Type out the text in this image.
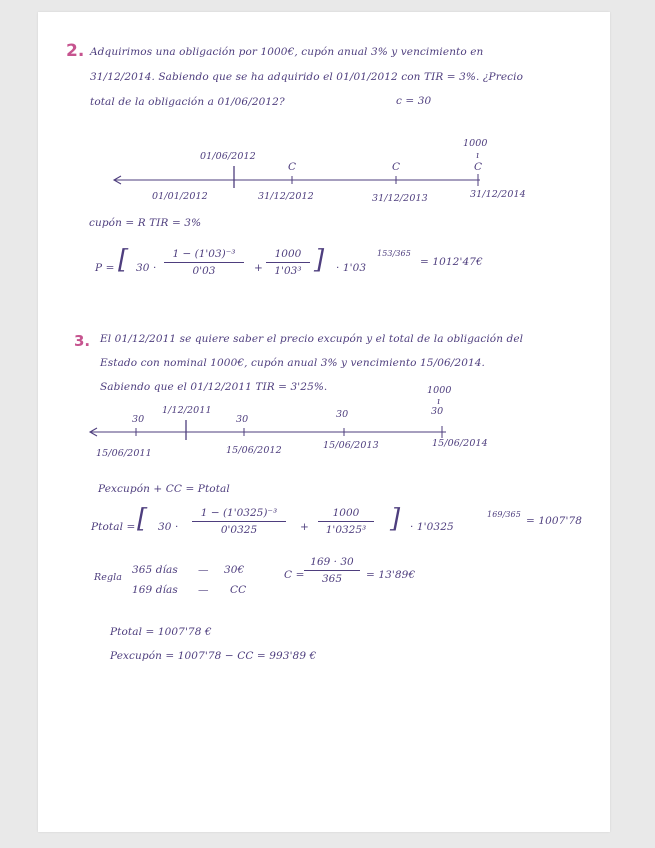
2. Adquirimos una obligación por 1000€, cupón anual 3% y vencimiento en
31/12/2014. Sabiendo que se ha adquirido el 01/01/2012 con TIR = 3%. ¿Precio
total de la obligación a 01/06/2012?	c = 30
01/06/2012
1000
ı
C	C	C
01/01/2012	31/12/2012	31/12/2013	31/12/2014
cupón = R TIR = 3%
P = [ 30 ·
1 − (1'03)⁻³
0'03	+
1000
1'03³ ] · 1'03
153/365
= 1012'47€
3. El 01/12/2011 se quiere saber el precio excupón y el total de la obligación del
Estado con nominal 1000€, cupón anual 3% y vencimiento 15/06/2014.
Sabiendo que el 01/12/2011 TIR = 3'25%.	1000
ı
30
1/12/2011
30	30	30
15/06/2011	15/06/2012	15/06/2013	15/06/2014
Pexcupón + CC = Ptotal
Ptotal = [ 30 ·
1 − (1'0325)⁻³
0'0325	+
1000
1'0325³ ] · 1'0325
169/365
= 1007'78
Regla
365 días — 30€
169 días — CC
C =
169 · 30
365 = 13'89€
Ptotal = 1007'78 €
Pexcupón = 1007'78 − CC = 993'89 €
